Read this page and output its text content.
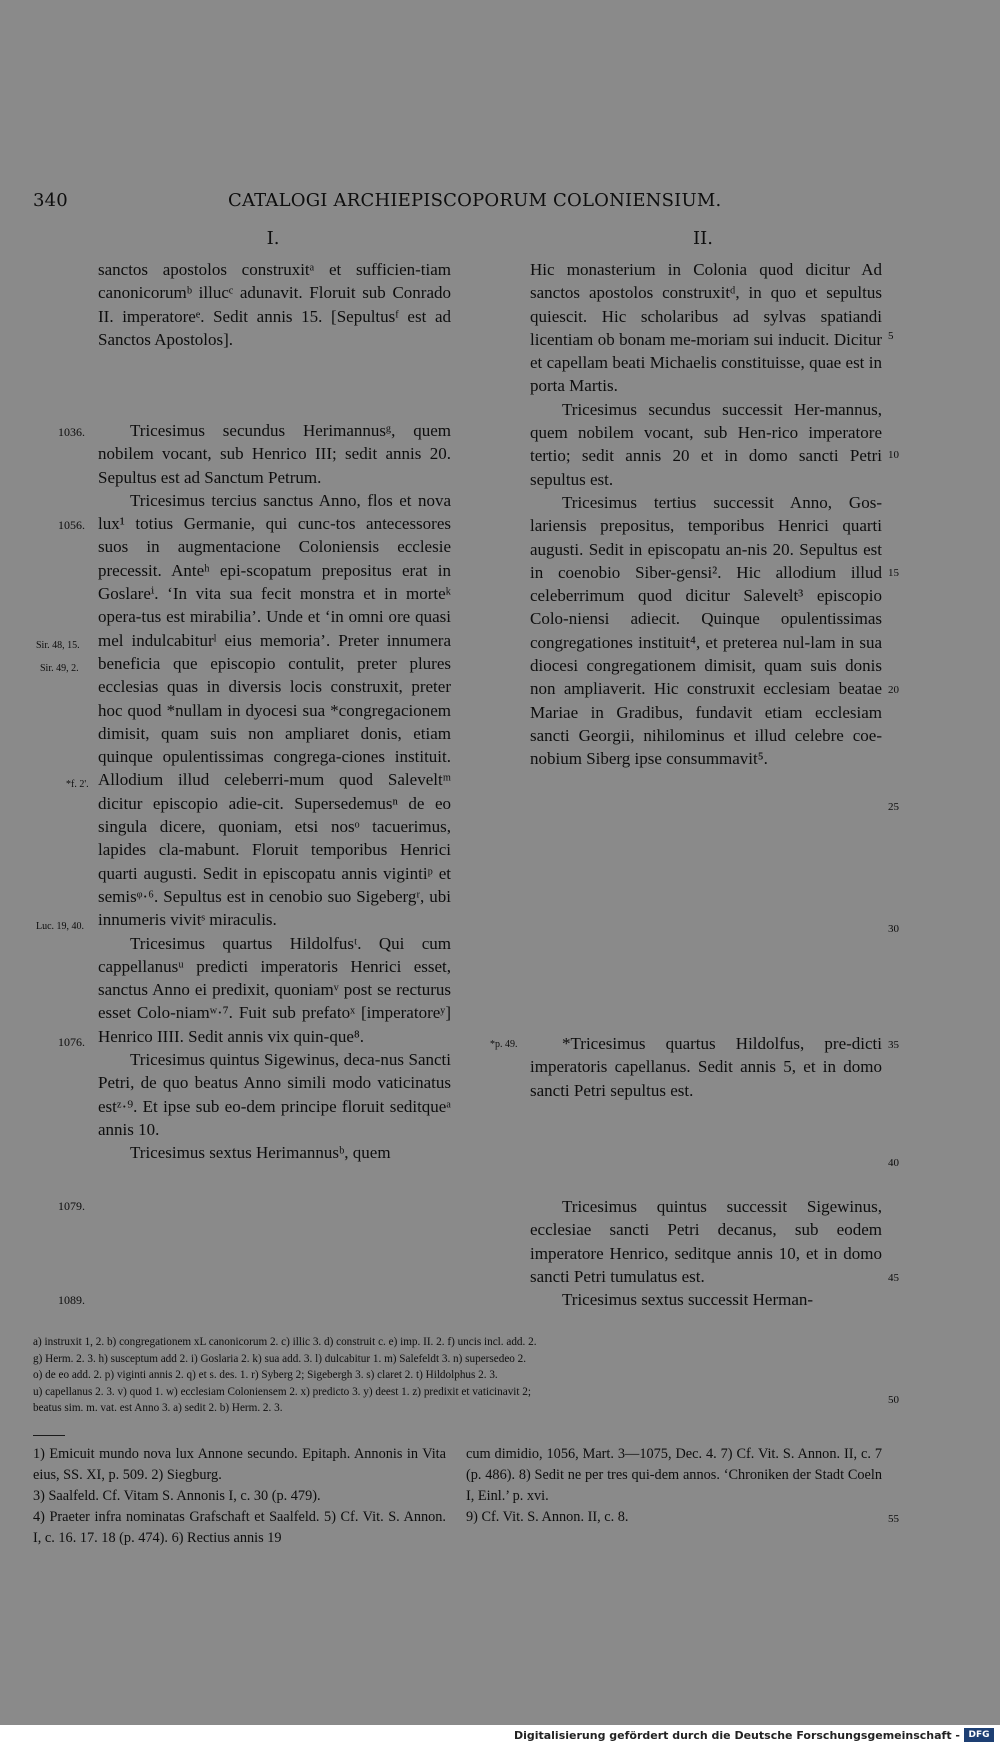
340	CATALOGI ARCHIEPISCOPORUM COLONIENSIUM.
I.	II.

sanctos apostolos construxitᵃ et sufficien-tiam canonicorumᵇ illucᶜ adunavit. Floruit sub Conrado II. imperatoreᵉ. Sedit annis 15. [Sepultusᶠ est ad Sanctos Apostolos].

Tricesimus secundus Herimannusᵍ, quem nobilem vocant, sub Henrico III; sedit annis 20. Sepultus est ad Sanctum Petrum.

Tricesimus tercius sanctus Anno, flos et nova lux¹ totius Germanie, qui cunc-tos antecessores suos in augmentacione Coloniensis ecclesie precessit. Anteʰ epi-scopatum prepositus erat in Goslareⁱ. ‘In vita sua fecit monstra et in morteᵏ opera-tus est mirabilia’. Unde et ‘in omni ore quasi mel indulcabiturˡ eius memoria’. Preter innumera beneficia que episcopio contulit, preter plures ecclesias quas in diversis locis construxit, preter hoc quod *nullam in dyocesi sua *congregacionem dimisit, quam suis non ampliaret donis, etiam quinque opulentissimas congrega-ciones instituit. Allodium illud celeberri-mum quod Saleveltᵐ dicitur episcopio adie-cit. Supersedemusⁿ de eo singula dicere, quoniam, etsi nosᵒ tacuerimus, lapides cla-mabunt. Floruit temporibus Henrici quarti augusti. Sedit in episcopatu annis vigintiᵖ et semisᵠ·⁶. Sepultus est in cenobio suo Sigebergʳ, ubi innumeris vivitˢ miraculis.

Tricesimus quartus Hildolfusᵗ. Qui cum cappellanusᵘ predicti imperatoris Henrici esset, sanctus Anno ei predixit, quoniamᵛ post se recturus esset Colo-niamʷ·⁷. Fuit sub prefatoˣ [imperatoreʸ] Henrico IIII. Sedit annis vix quin-que⁸.

Tricesimus quintus Sigewinus, deca-nus Sancti Petri, de quo beatus Anno simili modo vaticinatus estᶻ·⁹. Et ipse sub eo-dem principe floruit seditqueᵃ annis 10.

Tricesimus sextus Herimannusᵇ, quem

Hic monasterium in Colonia quod dicitur Ad sanctos apostolos construxitᵈ, in quo et sepultus quiescit. Hic scholaribus ad sylvas spatiandi licentiam ob bonam me-moriam sui inducit. Dicitur et capellam beati Michaelis constituisse, quae est in porta Martis.

Tricesimus secundus successit Her-mannus, quem nobilem vocant, sub Hen-rico imperatore tertio; sedit annis 20 et in domo sancti Petri sepultus est.

Tricesimus tertius successit Anno, Gos-lariensis prepositus, temporibus Henrici quarti augusti. Sedit in episcopatu an-nis 20. Sepultus est in coenobio Siber-gensi². Hic allodium illud celeberrimum quod dicitur Salevelt³ episcopio Colo-niensi adiecit. Quinque opulentissimas congregationes instituit⁴, et preterea nul-lam in sua diocesi congregationem dimisit, quam suis donis non ampliaverit. Hic construxit ecclesiam beatae Mariae in Gradibus, fundavit etiam ecclesiam sancti Georgii, nihilominus et illud celebre coe-nobium Siberg ipse consummavit⁵.

*Tricesimus quartus Hildolfus, pre-dicti imperatoris capellanus. Sedit annis 5, et in domo sancti Petri sepultus est.

Tricesimus quintus successit Sigewinus, ecclesiae sancti Petri decanus, sub eodem imperatore Henrico, seditque annis 10, et in domo sancti Petri tumulatus est.

Tricesimus sextus successit Herman-

1036.
1056.
1076.
1079.
1089.
Sir. 48, 15.
Sir. 49, 2.
*f. 2'.
Luc. 19, 40.
*p. 49.
5
10
15
20
25
30
35
40
45
50
55
a) instruxit 1, 2. b) congregationem xL canonicorum 2. c) illic 3. d) construit c. e) imp. II. 2. f) uncis incl. add. 2.
g) Herm. 2. 3. h) susceptum add 2. i) Goslaria 2. k) sua add. 3. l) dulcabitur 1. m) Salefeldt 3. n) supersedeo 2.
o) de eo add. 2. p) viginti annis 2. q) et s. des. 1. r) Syberg 2; Sigebergh 3. s) claret 2. t) Hildolphus 2. 3.
u) capellanus 2. 3. v) quod 1. w) ecclesiam Coloniensem 2. x) predicto 3. y) deest 1. z) predixit et vaticinavit 2;
beatus sim. m. vat. est Anno 3. a) sedit 2. b) Herm. 2. 3.
1) Emicuit mundo nova lux Annone secundo. Epitaph. Annonis in Vita eius, SS. XI, p. 509. 2) Siegburg.
3) Saalfeld. Cf. Vitam S. Annonis I, c. 30 (p. 479).
4) Praeter infra nominatas Grafschaft et Saalfeld. 5) Cf. Vit. S. Annon. I, c. 16. 17. 18 (p. 474). 6) Rectius annis 19
cum dimidio, 1056, Mart. 3—1075, Dec. 4. 7) Cf. Vit. S. Annon. II, c. 7 (p. 486). 8) Sedit ne per tres qui-dem annos. ‘Chroniken der Stadt Coeln I, Einl.’ p. xvi.
9) Cf. Vit. S. Annon. II, c. 8.
Digitalisierung gefördert durch die Deutsche Forschungsgemeinschaft - DFG
